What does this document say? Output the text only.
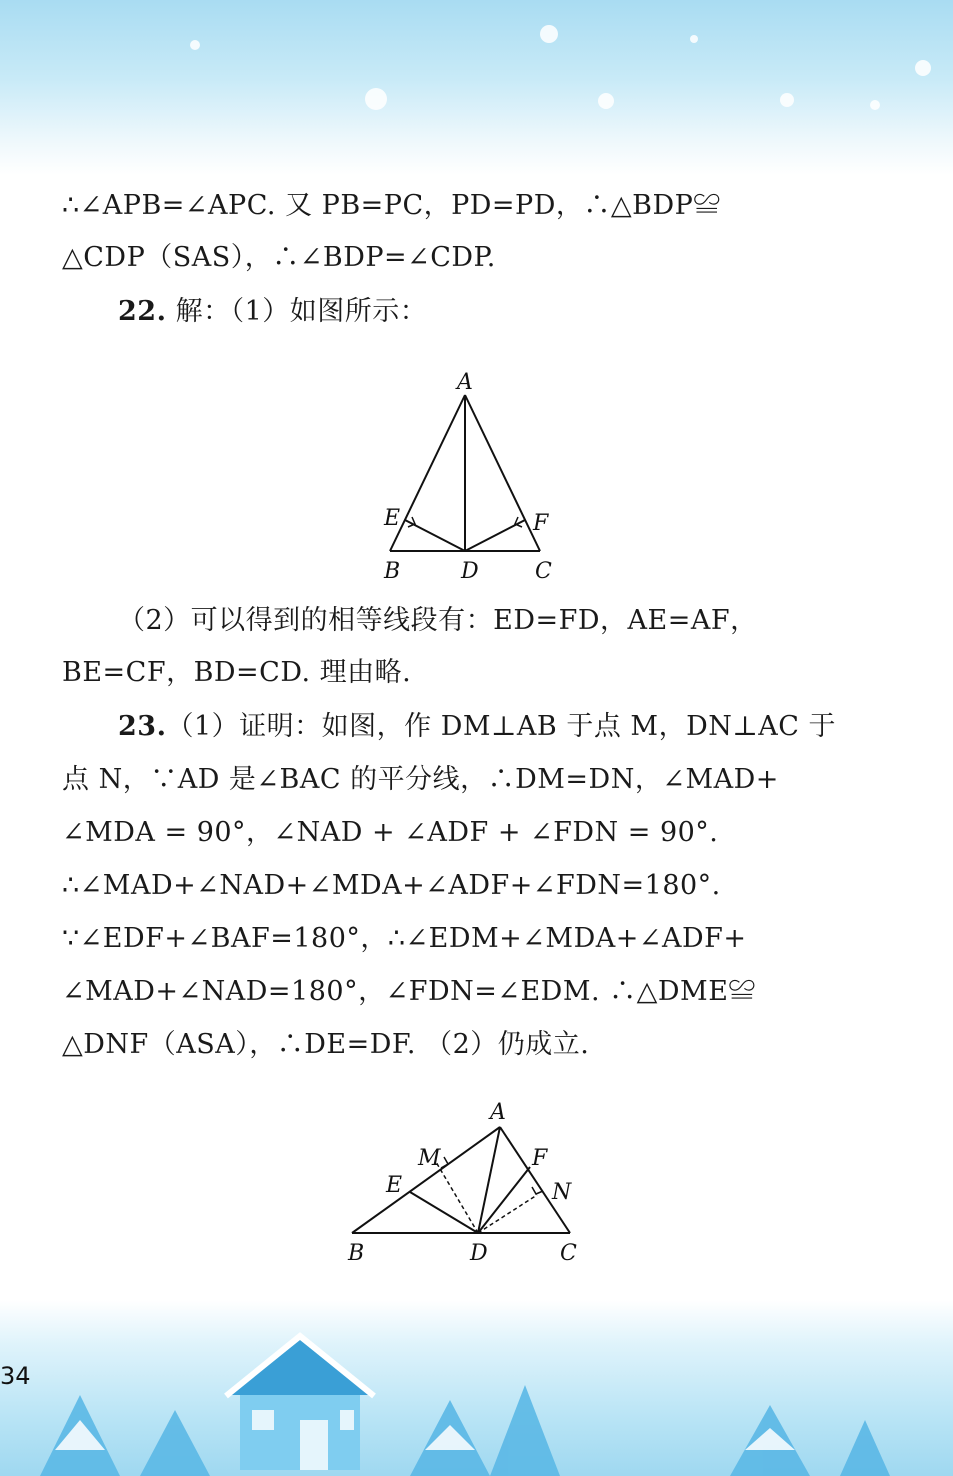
∴∠APB=∠APC. 又 PB=PC，PD=PD，∴△BDP≌
△CDP（SAS），∴∠BDP=∠CDP.
22. 解：（1）如图所示：
A
E	F
B	D	C
（2）可以得到的相等线段有：ED=FD，AE=AF，
BE=CF，BD=CD. 理由略.
23.（1）证明：如图，作 DM⊥AB 于点 M，DN⊥AC 于
点 N，∵AD 是∠BAC 的平分线，∴DM=DN，∠MAD+
∠MDA = 90°，∠NAD + ∠ADF + ∠FDN = 90°.
∴∠MAD+∠NAD+∠MDA+∠ADF+∠FDN=180°.
∵∠EDF+∠BAF=180°，∴∠EDM+∠MDA+∠ADF+
∠MAD+∠NAD=180°，∠FDN=∠EDM. ∴△DME≌
△DNF（ASA），∴DE=DF. （2）仍成立.
A
M	F
E	N
B	D	C
34
